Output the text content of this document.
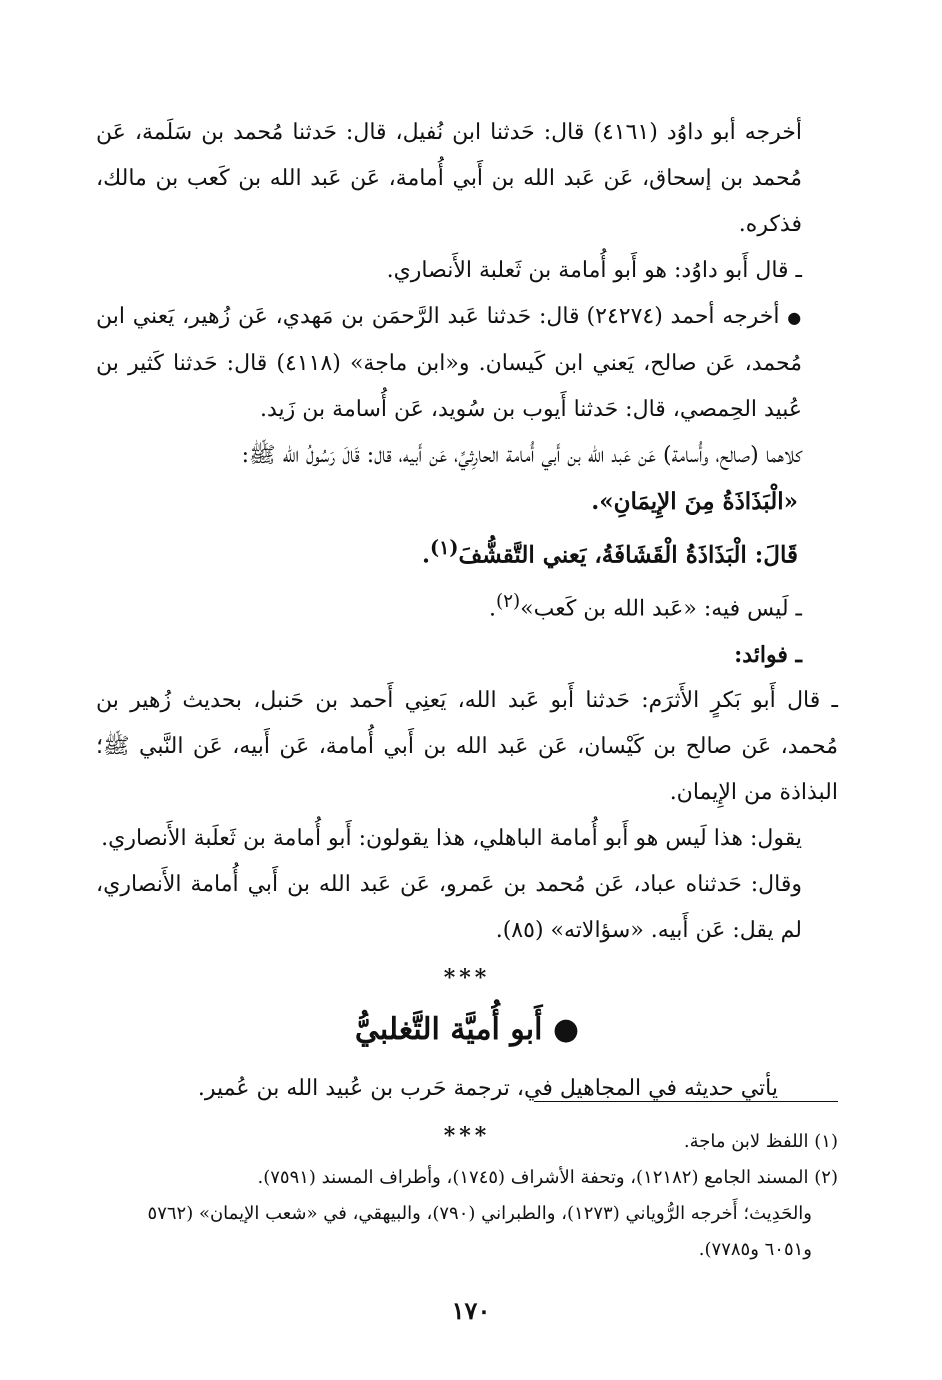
أخرجه أبو داوُد (٤١٦١) قال: حَدثنا ابن نُفيل، قال: حَدثنا مُحمد بن سَلَمة، عَن مُحمد بن إسحاق، عَن عَبد الله بن أَبي أُمامة، عَن عَبد الله بن كَعب بن مالك، فذكره.

ـ قال أَبو داوُد: هو أَبو أُمامة بن ثَعلبة الأَنصاري.

● أخرجه أحمد (٢٤٢٧٤) قال: حَدثنا عَبد الرَّحمَن بن مَهدي، عَن زُهير، يَعني ابن مُحمد، عَن صالح، يَعني ابن كَيسان. و«ابن ماجة» (٤١١٨) قال: حَدثنا كَثير بن عُبيد الحِمصي، قال: حَدثنا أَيوب بن سُويد، عَن أُسامة بن زَيد.

كلاهما (صالح، وأُسامة) عَن عَبد الله بن أَبي أُمامة الحارِثيِّ، عَن أَبيه، قال: قَالَ رَسُولُ الله ﷺ:

«الْبَذَاذَةُ مِنَ الإِيمَانِ».

قَالَ: الْبَذَاذَةُ الْقَشَافَةُ، يَعني التَّقشُّفَ$^{(١)}$.

ـ لَيس فيه: «عَبد الله بن كَعب»$^{(٢)}$.

ـ فوائد:

ـ قال أَبو بَكرٍ الأَثرَم: حَدثنا أَبو عَبد الله، يَعنِي أَحمد بن حَنبل، بحديث زُهير بن مُحمد، عَن صالح بن كَيْسان، عَن عَبد الله بن أَبي أُمامة، عَن أَبيه، عَن النَّبي ﷺ؛ البذاذة من الإِيمان.

يقول: هذا لَيس هو أَبو أُمامة الباهلي، هذا يقولون: أَبو أُمامة بن ثَعلَبة الأَنصاري.

وقال: حَدثناه عباد، عَن مُحمد بن عَمرو، عَن عَبد الله بن أَبي أُمامة الأَنصاري، لم يقل: عَن أَبيه. «سؤالاته» (٨٥).

***
● أَبو أُميَّة التَّغلبيُّ

يأتي حديثه في المجاهيل في، ترجمة حَرب بن عُبيد الله بن عُمير.

***	(١) اللفظ لابن ماجة.

(٢) المسند الجامع (١٢١٨٢)، وتحفة الأشراف (١٧٤٥)، وأطراف المسند (٧٥٩١).

والحَدِيث؛ أَخرجه الرُّوياني (١٢٧٣)، والطبراني (٧٩٠)، والبيهقي، في «شعب الإيمان» (٥٧٦٢ و٦٠٥١ و٧٧٨٥).

١٧٠
